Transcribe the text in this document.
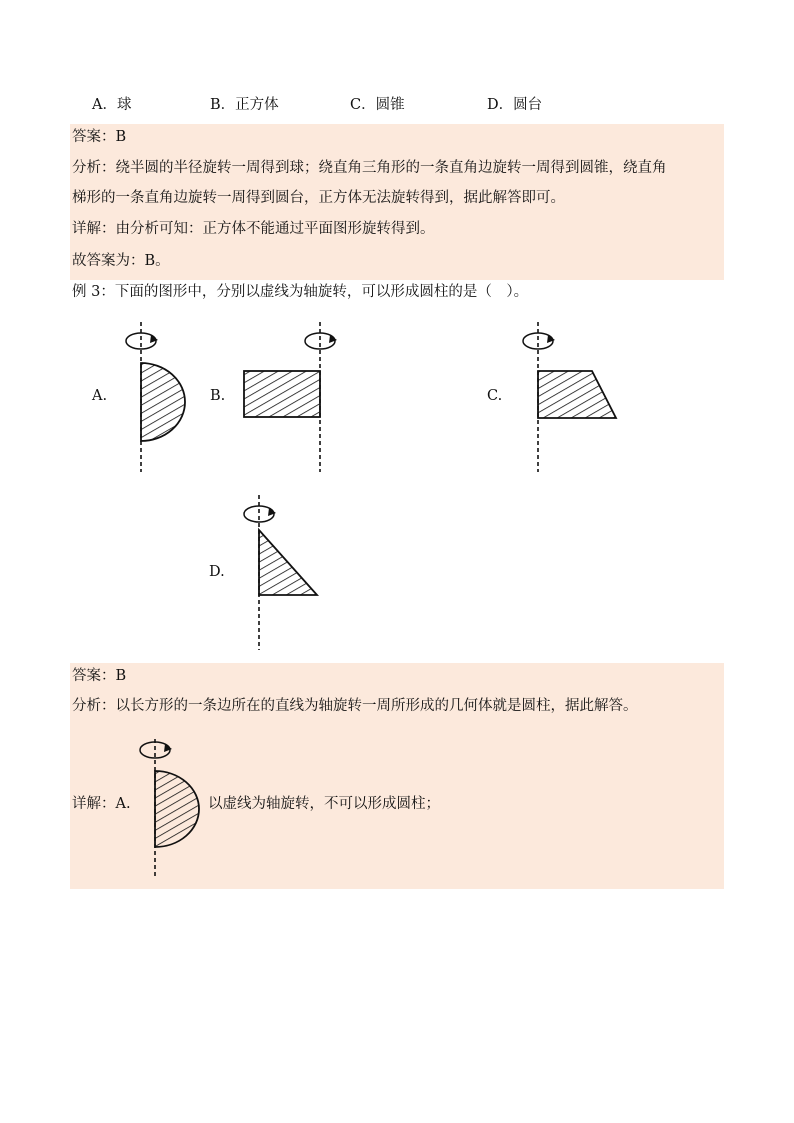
A．球	B．正方体	C．圆锥	D．圆台
答案：B
分析：绕半圆的半径旋转一周得到球；绕直角三角形的一条直角边旋转一周得到圆锥，绕直角
梯形的一条直角边旋转一周得到圆台，正方体无法旋转得到，据此解答即可。
详解：由分析可知：正方体不能通过平面图形旋转得到。
故答案为：B。
例 3：下面的图形中，分别以虚线为轴旋转，可以形成圆柱的是（　）。
A.	B.	C.
D.
答案：B
分析：以长方形的一条边所在的直线为轴旋转一周所形成的几何体就是圆柱，据此解答。
详解：A.	以虚线为轴旋转，不可以形成圆柱；
